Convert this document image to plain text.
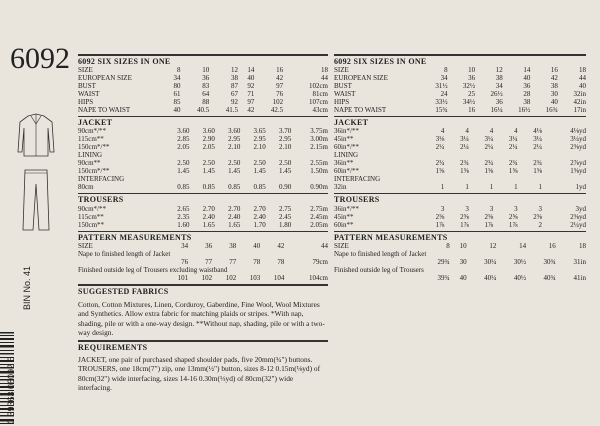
6092
0 39363 06092 6
BIN No. 41
6092 SIX SIZES IN ONE
SIZE	8	10	12	14	16	18
EUROPEAN SIZE	34	36	38	40	42	44
BUST	80	83	87	92	97	102cm
WAIST	61	64	67	71	76	81cm
HIPS	85	88	92	97	102	107cm
NAPE TO WAIST	40	40.5	41.5	42	42.5	43cm
JACKET
90cm*/**	3.60	3.60	3.60	3.65	3.70	3.75m
115cm**	2.85	2.90	2.95	2.95	2.95	3.00m
150cm*/**	2.05	2.05	2.10	2.10	2.10	2.15m
LINING						
90cm**	2.50	2.50	2.50	2.50	2.50	2.55m
150cm*/**	1.45	1.45	1.45	1.45	1.45	1.50m
INTERFACING						
80cm	0.85	0.85	0.85	0.85	0.90	0.90m
TROUSERS
90cm*/**	2.65	2.70	2.70	2.70	2.75	2.75m
115cm**	2.35	2.40	2.40	2.40	2.45	2.45m
150cm**	1.60	1.65	1.65	1.70	1.80	2.05m
PATTERN MEASUREMENTS
SIZE	34	36	38	40	42	44
Nape to finished length of Jacket						
	76	77	77	78	78	79cm
Finished outside leg of Trousers excluding waistband						
	101	102	102	103	104	104cm
SUGGESTED FABRICS
Cotton, Cotton Mixtures, Linen, Corduroy, Gaberdine, Fine Wool, Wool Mixtures and Synthetics. Allow extra fabric for matching plaids or stripes. *With nap, shading, pile or with a one-way design. **Without nap, shading, pile or with a two-way design.
REQUIREMENTS
JACKET, one pair of purchased shaped shoulder pads, five 20mm(¾") buttons. TROUSERS, one 18cm(7") zip, one 13mm(½") button, sizes 8-12 0.15m(⅛yd) of 80cm(32") wide interfacing, sizes 14-16 0.30m(⅓yd) of 80cm(32") wide interfacing.
6092 SIX SIZES IN ONE
SIZE	8	10	12	14	16	18
EUROPEAN SIZE	34	36	38	40	42	44
BUST	31½	32½	34	36	38	40
WAIST	24	25	26½	28	30	32in
HIPS	33½	34½	36	38	40	42in
NAPE TO WAIST	15¾	16	16¼	16½	16¾	17in
JACKET
36in*/**	4	4	4	4	4⅛	4⅛yd
45in**	3⅛	3¼	3¼	3¼	3¼	3¼yd
60in*/**	2¼	2¼	2¼	2¼	2¼	2⅜yd
LINING						
36in**	2¾	2¾	2¾	2¾	2¾	2⅞yd
60in*/**	1⅝	1⅝	1⅝	1⅝	1⅝	1⅝yd
INTERFACING						
32in	1	1	1	1	1	1yd
TROUSERS
36in*/**	3	3	3	3	3	3yd
45in**	2⅝	2⅝	2⅝	2⅝	2⅝	2⅝yd
60in**	1⅞	1⅞	1⅞	1⅞	2	2¼yd
PATTERN MEASUREMENTS
SIZE	8	10	12	14	16	18
Nape to finished length of Jacket						
	29¾	30	30¼	30½	30¾	31in
Finished outside leg of Trousers						
	39¾	40	40¼	40½	40¾	41in
